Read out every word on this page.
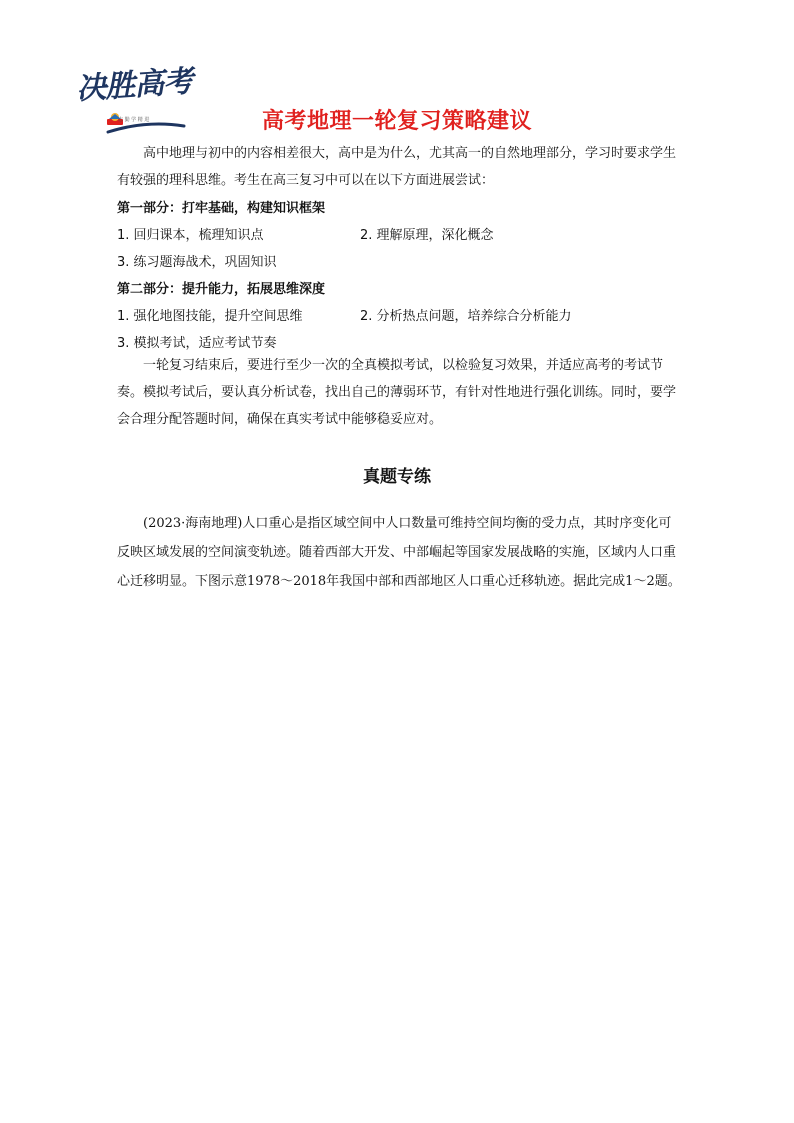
决胜高考
志 勤 学 精 进	高考地理一轮复习策略建议
高中地理与初中的内容相差很大，高中是为什么，尤其高一的自然地理部分，学习时要求学生有较强的理科思维。考生在高三复习中可以在以下方面进展尝试：
第一部分：打牢基础，构建知识框架
1. 回归课本，梳理知识点	2. 理解原理，深化概念
3. 练习题海战术，巩固知识
第二部分：提升能力，拓展思维深度
1. 强化地图技能，提升空间思维	2. 分析热点问题，培养综合分析能力
3. 模拟考试，适应考试节奏
一轮复习结束后，要进行至少一次的全真模拟考试，以检验复习效果，并适应高考的考试节奏。模拟考试后，要认真分析试卷，找出自己的薄弱环节，有针对性地进行强化训练。同时，要学会合理分配答题时间，确保在真实考试中能够稳妥应对。
真题专练
(2023·海南地理)人口重心是指区域空间中人口数量可维持空间均衡的受力点，其时序变化可反映区域发展的空间演变轨迹。随着西部大开发、中部崛起等国家发展战略的实施，区域内人口重心迁移明显。下图示意1978～2018年我国中部和西部地区人口重心迁移轨迹。据此完成1～2题。
